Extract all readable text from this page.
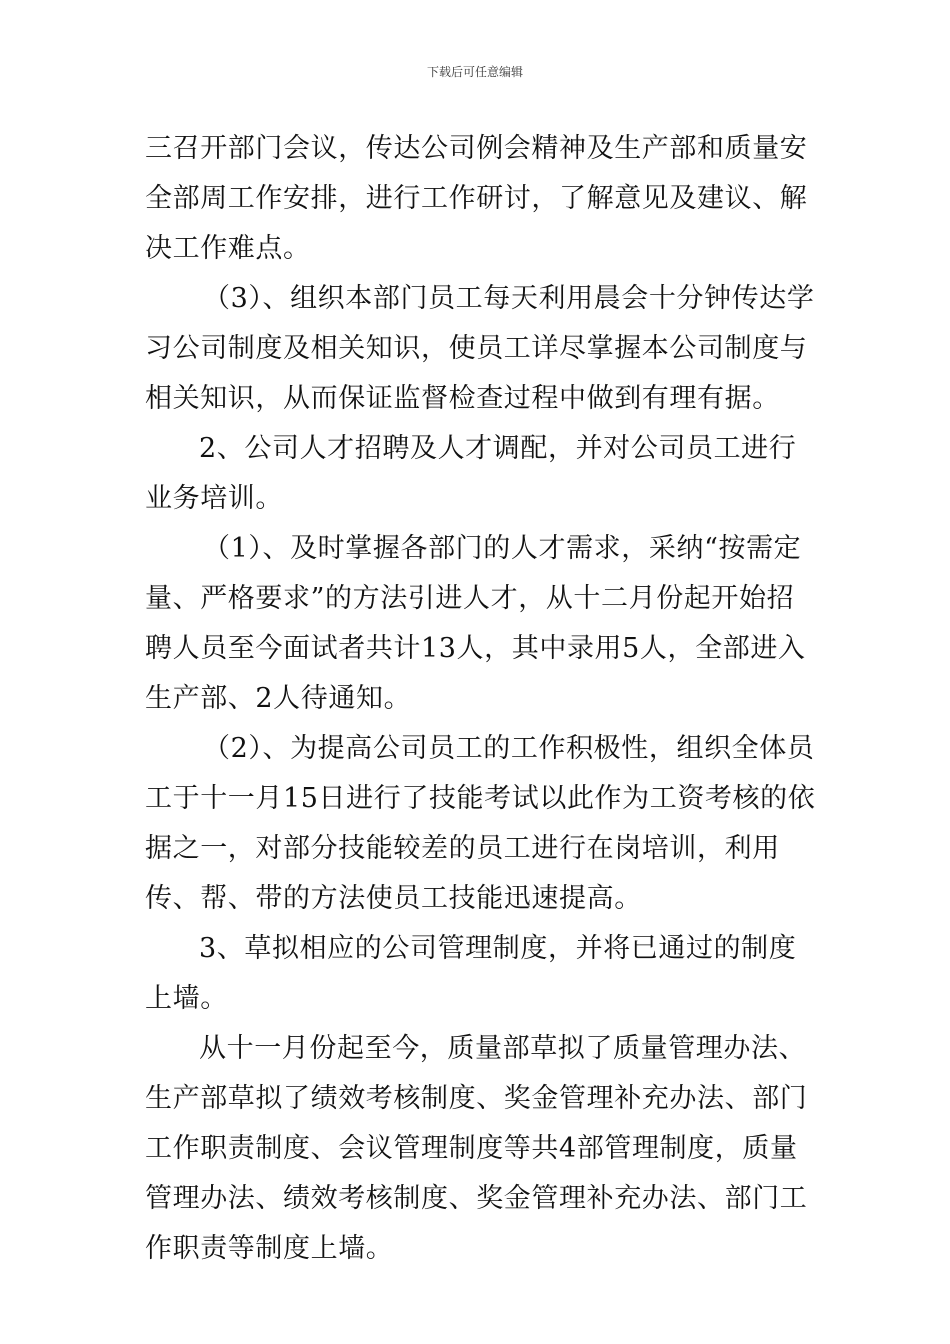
下载后可任意编辑

三召开部门会议，传达公司例会精神及生产部和质量安全部周工作安排，进行工作研讨，了解意见及建议、解决工作难点。

（3）、组织本部门员工每天利用晨会十分钟传达学习公司制度及相关知识，使员工详尽掌握本公司制度与相关知识，从而保证监督检查过程中做到有理有据。

2、公司人才招聘及人才调配，并对公司员工进行业务培训。

（1）、及时掌握各部门的人才需求，采纳“按需定量、严格要求”的方法引进人才，从十二月份起开始招聘人员至今面试者共计13人，其中录用5人，全部进入生产部、2人待通知。

（2）、为提高公司员工的工作积极性，组织全体员工于十一月15日进行了技能考试以此作为工资考核的依据之一，对部分技能较差的员工进行在岗培训，利用传、帮、带的方法使员工技能迅速提高。

3、草拟相应的公司管理制度，并将已通过的制度上墙。

从十一月份起至今，质量部草拟了质量管理办法、生产部草拟了绩效考核制度、奖金管理补充办法、部门工作职责制度、会议管理制度等共4部管理制度，质量管理办法、绩效考核制度、奖金管理补充办法、部门工作职责等制度上墙。
